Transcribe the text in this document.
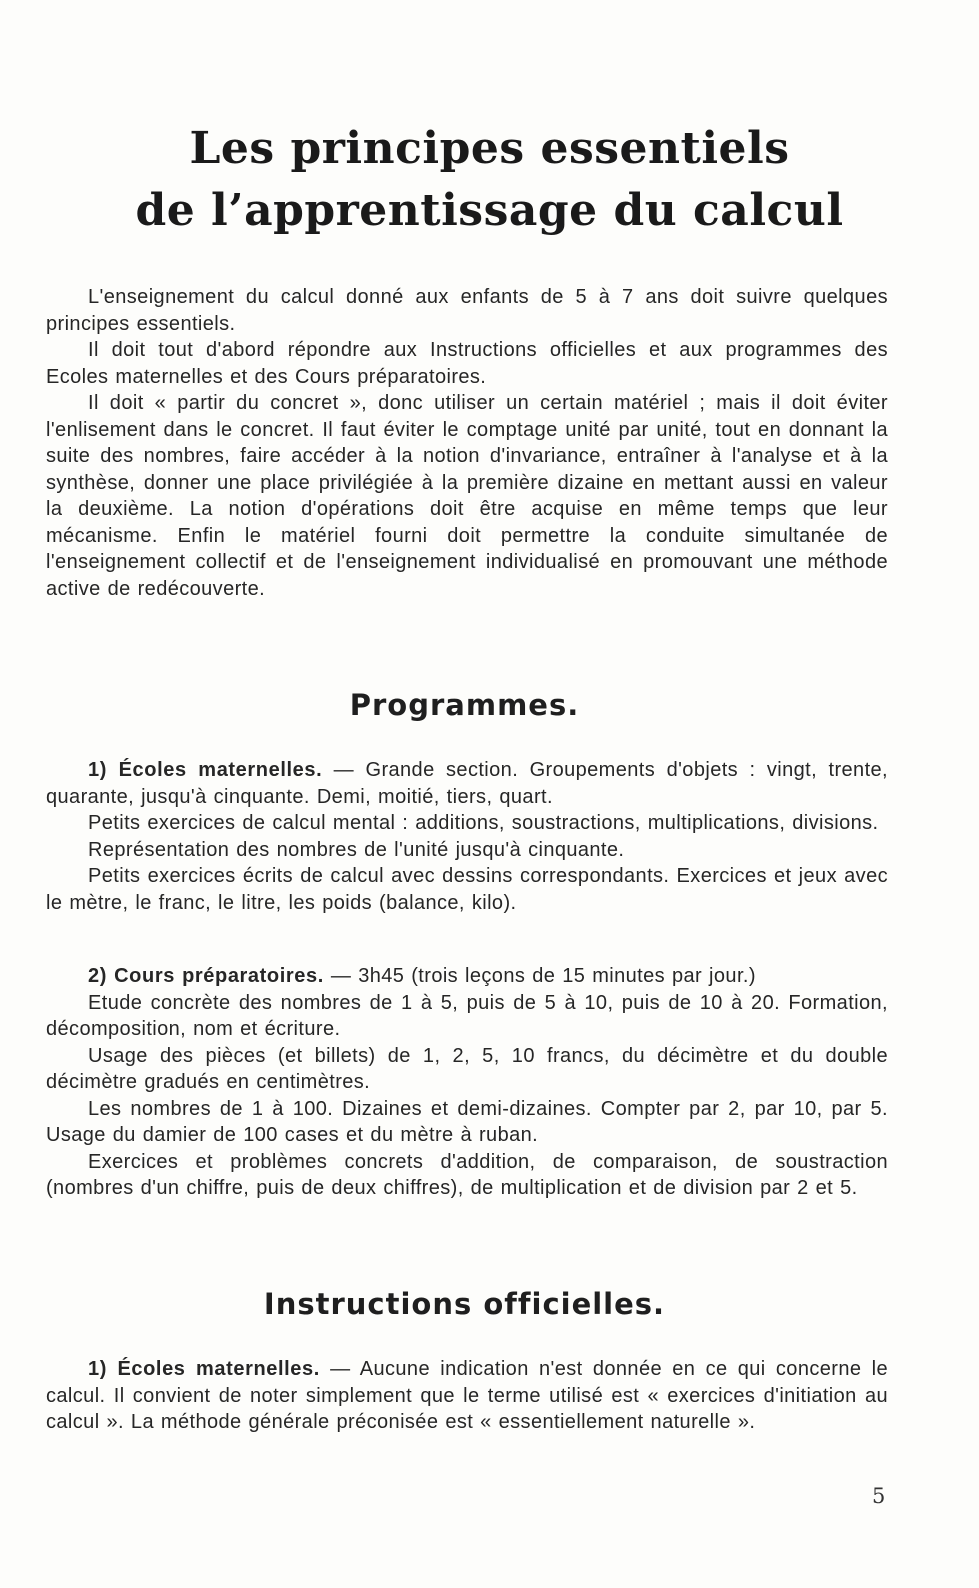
Les principes essentiels
de l’apprentissage du calcul

L'enseignement du calcul donné aux enfants de 5 à 7 ans doit suivre quelques principes essentiels.

Il doit tout d'abord répondre aux Instructions officielles et aux programmes des Ecoles maternelles et des Cours préparatoires.

Il doit « partir du concret », donc utiliser un certain matériel ; mais il doit éviter l'enlisement dans le concret. Il faut éviter le comptage unité par unité, tout en donnant la suite des nombres, faire accéder à la notion d'invariance, entraîner à l'analyse et à la synthèse, donner une place privilégiée à la première dizaine en mettant aussi en valeur la deuxième. La notion d'opérations doit être acquise en même temps que leur mécanisme. Enfin le matériel fourni doit permettre la conduite simultanée de l'enseignement collectif et de l'enseignement individualisé en promouvant une méthode active de redécouverte.

Programmes.

1) Écoles maternelles. — Grande section. Groupements d'objets : vingt, trente, quarante, jusqu'à cinquante. Demi, moitié, tiers, quart.

Petits exercices de calcul mental : additions, soustractions, multiplications, divisions.

Représentation des nombres de l'unité jusqu'à cinquante.

Petits exercices écrits de calcul avec dessins correspondants. Exercices et jeux avec le mètre, le franc, le litre, les poids (balance, kilo).

2) Cours préparatoires. — 3h45 (trois leçons de 15 minutes par jour.)

Etude concrète des nombres de 1 à 5, puis de 5 à 10, puis de 10 à 20. Formation, décomposition, nom et écriture.

Usage des pièces (et billets) de 1, 2, 5, 10 francs, du décimètre et du double décimètre gradués en centimètres.

Les nombres de 1 à 100. Dizaines et demi-dizaines. Compter par 2, par 10, par 5. Usage du damier de 100 cases et du mètre à ruban.

Exercices et problèmes concrets d'addition, de comparaison, de soustraction (nombres d'un chiffre, puis de deux chiffres), de multiplication et de division par 2 et 5.

Instructions officielles.

1) Écoles maternelles. — Aucune indication n'est donnée en ce qui concerne le calcul. Il convient de noter simplement que le terme utilisé est « exercices d'initiation au calcul ». La méthode générale préconisée est « essentiellement naturelle ».

5
